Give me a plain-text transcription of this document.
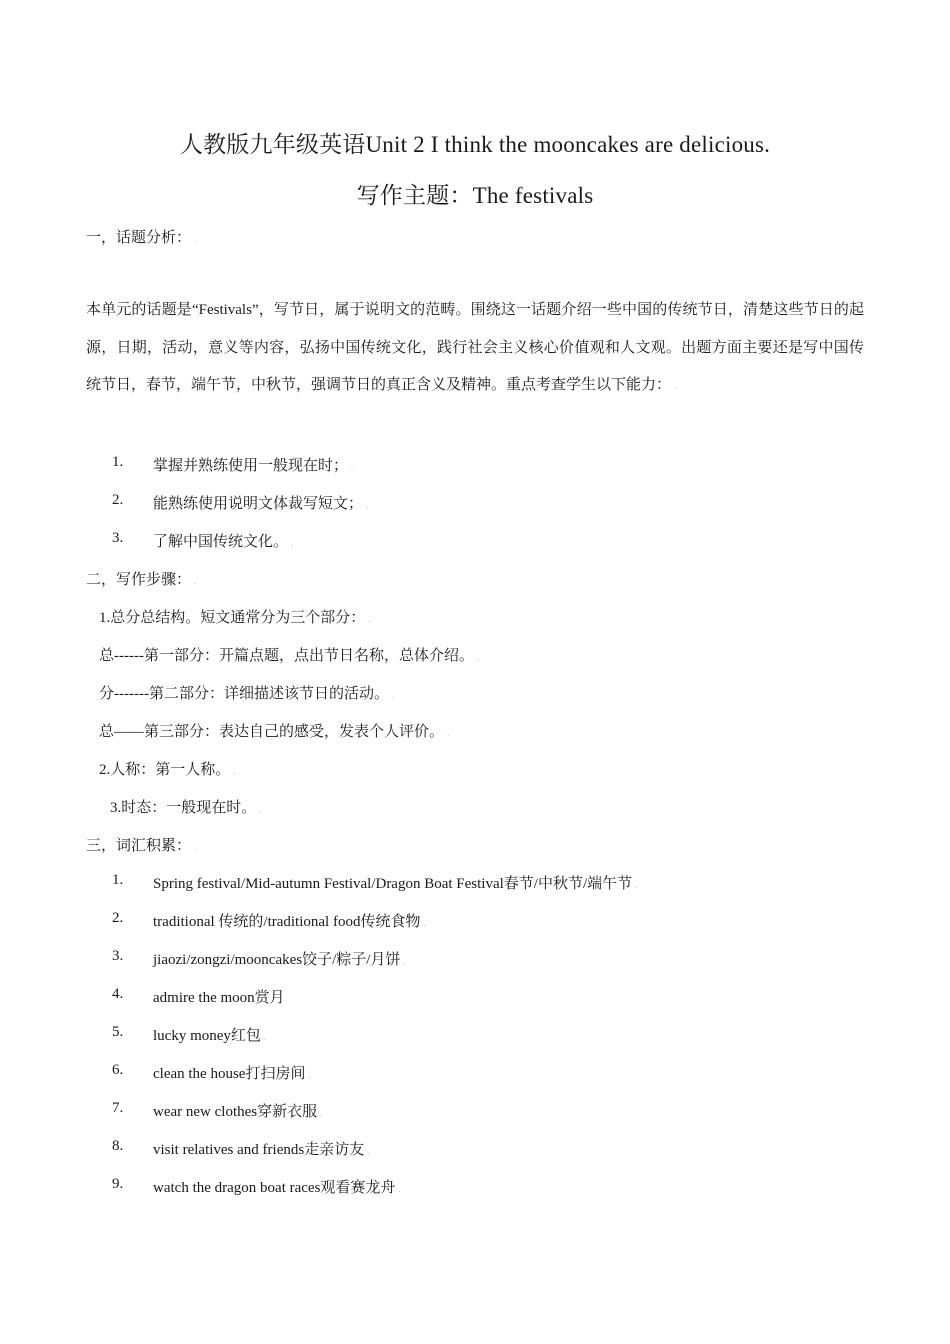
人教版九年级英语Unit 2 I think the mooncakes are delicious.
写作主题：The festivals
一，话题分析： .
本单元的话题是“Festivals”，写节日，属于说明文的范畴。围绕这一话题介绍一些中国的传统节日，清楚这些节日的起源，日期，活动，意义等内容，弘扬中国传统文化，践行社会主义核心价值观和人文观。出题方面主要还是写中国传统节日，春节，端午节，中秋节，强调节日的真正含义及精神。重点考查学生以下能力： .
1. 掌握并熟练使用一般现在时； .
2. 能熟练使用说明文体裁写短文； .
3. 了解中国传统文化。 .
二，写作步骤： .
1.总分总结构。短文通常分为三个部分： .
总------第一部分：开篇点题，点出节日名称，总体介绍。 .
分-------第二部分：详细描述该节日的活动。 .
总——第三部分：表达自己的感受，发表个人评价。 .
2.人称：第一人称。 .
3.时态：一般现在时。 .
三，词汇积累： .
1. Spring festival/Mid-autumn Festival/Dragon Boat Festival春节/中秋节/端午节 .
2. traditional 传统的/traditional food传统食物 .
3. jiaozi/zongzi/mooncakes饺子/粽子/月饼 .
4. admire the moon赏月
5. lucky money红包 .
6. clean the house打扫房间 .
7. wear new clothes穿新衣服 .
8. visit relatives and friends走亲访友 .
9. watch the dragon boat races观看赛龙舟 .
